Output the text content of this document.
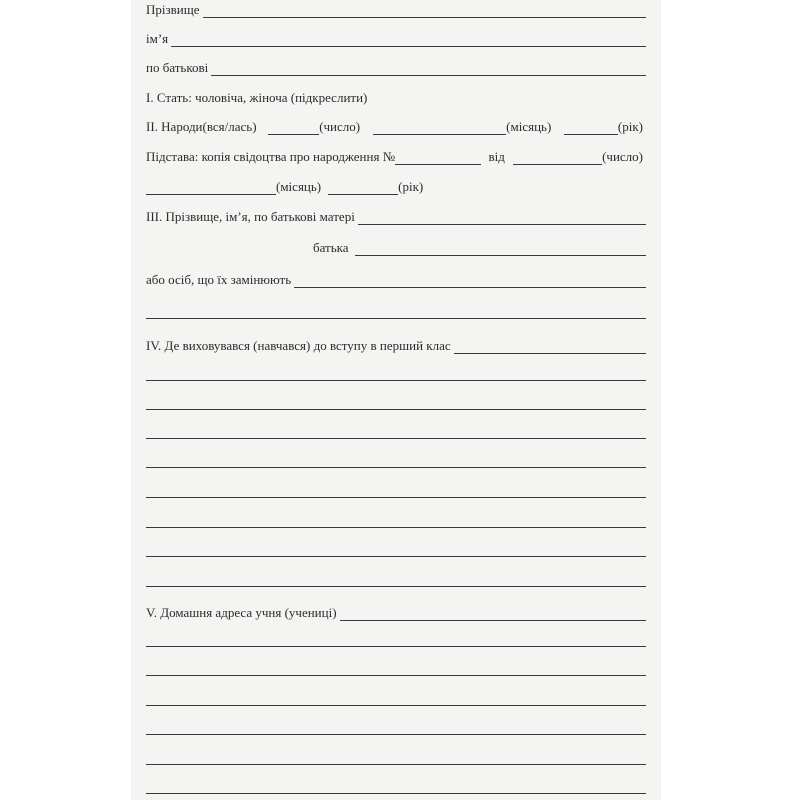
Прізвище
ім’я
по батькові
I. Стать: чоловіча, жіноча (підкреслити)
II. Народи(вся/лась)	(число)	(місяць)	(рік)
Підстава: копія свідоцтва про народження №	від	(число)
(місяць)	(рік)
III. Прізвище, ім’я, по батькові матері
батька
або осіб, що їх замінюють
IV. Де виховувався (навчався) до вступу в перший клас
V. Домашня адреса учня (учениці)
